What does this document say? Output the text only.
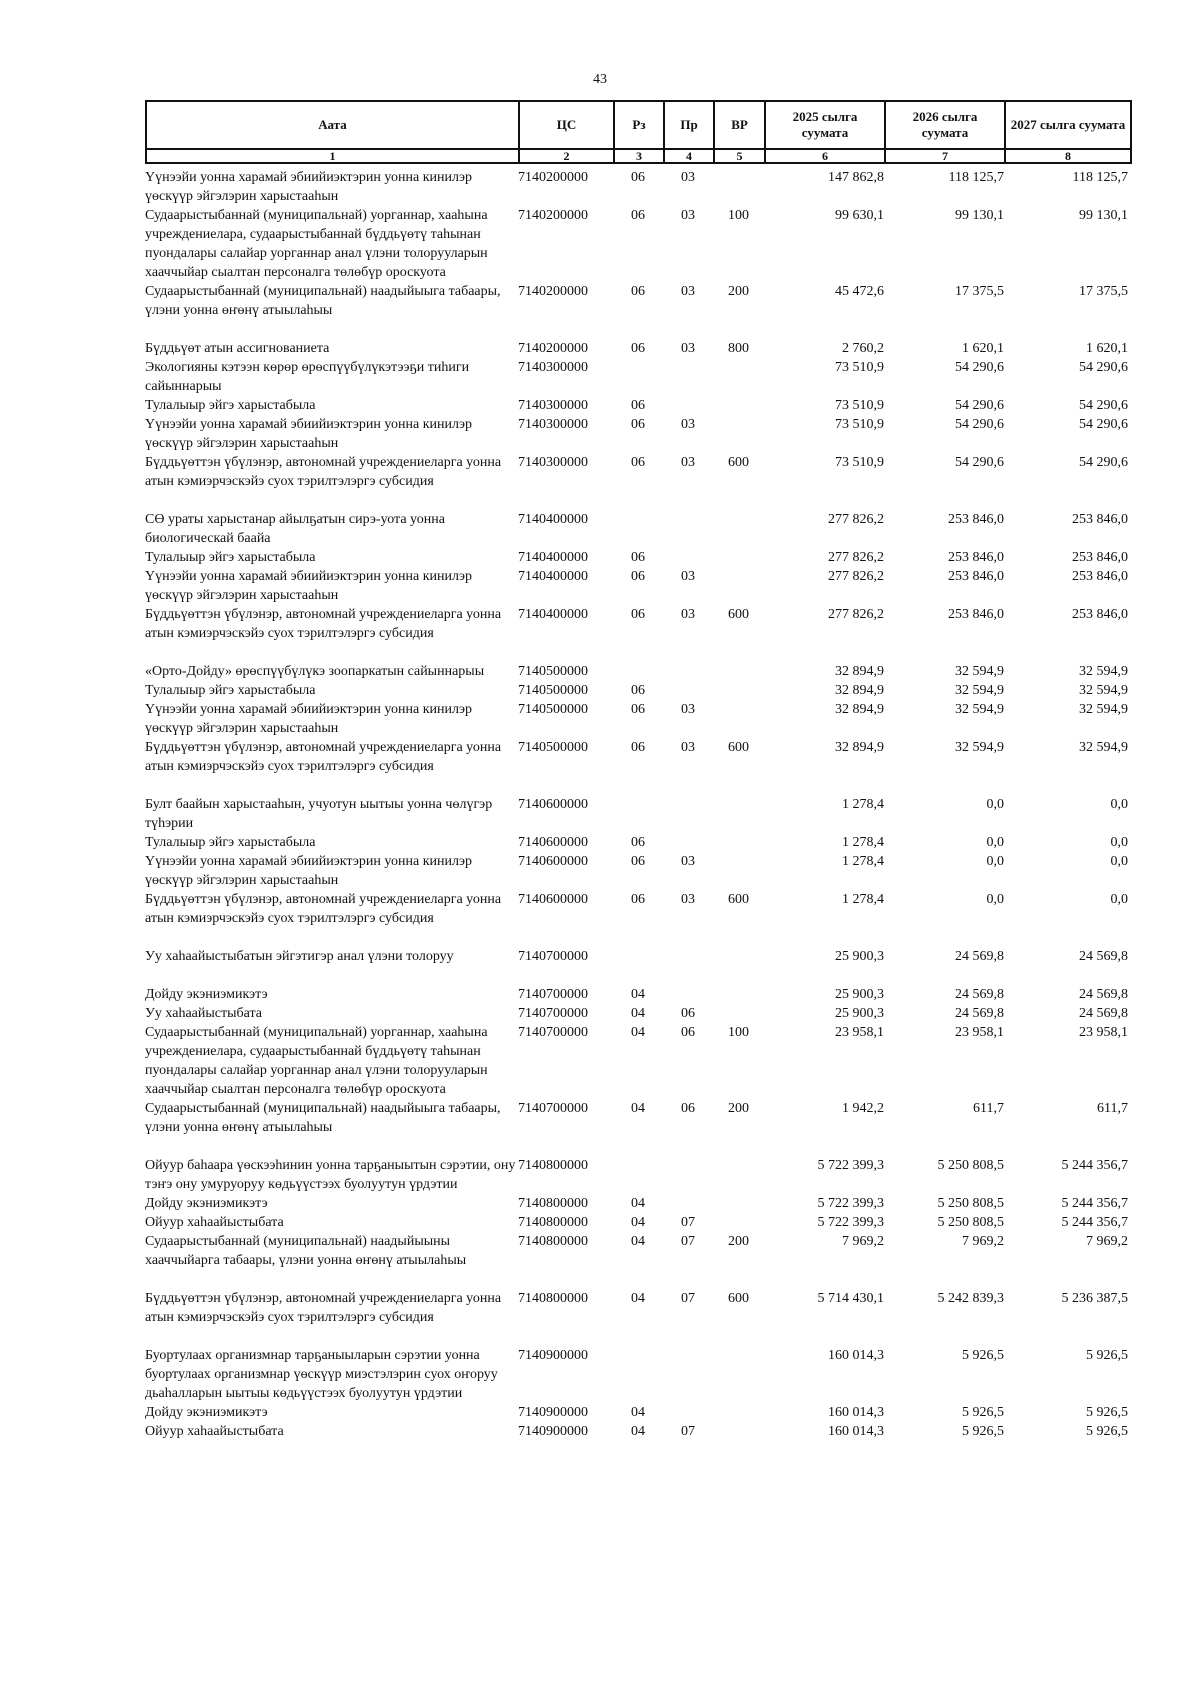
43
Аата	ЦС	Рз	Пр	ВР	2025 сылга суумата	2026 сылга суумата	2027 сылга суумата
1	2	3	4	5	6	7	8
Үүнээйи уонна харамай эбиийиэктэрин уонна кинилэр үөскүүр эйгэлэрин харыстааһын	7140200000	06	03		147 862,8	118 125,7	118 125,7
Судаарыстыбаннай (муниципальнай) уорганнар, хааһына учреждениелара, судаарыстыбаннай бүддьүөтү таһынан пуондалары салайар уорганнар анал үлэни толорууларын хааччыйар сыалтан персоналга төлөбүр ороскуота	7140200000	06	03	100	99 630,1	99 130,1	99 130,1
Судаарыстыбаннай (муниципальнай) наадыйыыга табаары, үлэни уонна өҥөнү атыылаһыы	7140200000	06	03	200	45 472,6	17 375,5	17 375,5
Бүддьүөт атын ассигнованиета	7140200000	06	03	800	2 760,2	1 620,1	1 620,1
Экологияны кэтээн көрөр өрөспүүбүлүкэтээҕи тиһиги сайыннарыы	7140300000				73 510,9	54 290,6	54 290,6
Тулалыыр эйгэ харыстабыла	7140300000	06			73 510,9	54 290,6	54 290,6
Үүнээйи уонна харамай эбиийиэктэрин уонна кинилэр үөскүүр эйгэлэрин харыстааһын	7140300000	06	03		73 510,9	54 290,6	54 290,6
Бүддьүөттэн үбүлэнэр, автономнай учреждениеларга уонна атын кэмиэрчэскэйэ суох тэрилтэлэргэ субсидия	7140300000	06	03	600	73 510,9	54 290,6	54 290,6
СӨ ураты харыстанар айылҕатын сирэ-уота уонна биологическай баайа	7140400000				277 826,2	253 846,0	253 846,0
Тулалыыр эйгэ харыстабыла	7140400000	06			277 826,2	253 846,0	253 846,0
Үүнээйи уонна харамай эбиийиэктэрин уонна кинилэр үөскүүр эйгэлэрин харыстааһын	7140400000	06	03		277 826,2	253 846,0	253 846,0
Бүддьүөттэн үбүлэнэр, автономнай учреждениеларга уонна атын кэмиэрчэскэйэ суох тэрилтэлэргэ субсидия	7140400000	06	03	600	277 826,2	253 846,0	253 846,0
«Орто-Дойду» өрөспүүбүлүкэ зоопаркатын сайыннарыы	7140500000				32 894,9	32 594,9	32 594,9
Тулалыыр эйгэ харыстабыла	7140500000	06			32 894,9	32 594,9	32 594,9
Үүнээйи уонна харамай эбиийиэктэрин уонна кинилэр үөскүүр эйгэлэрин харыстааһын	7140500000	06	03		32 894,9	32 594,9	32 594,9
Бүддьүөттэн үбүлэнэр, автономнай учреждениеларга уонна атын кэмиэрчэскэйэ суох тэрилтэлэргэ субсидия	7140500000	06	03	600	32 894,9	32 594,9	32 594,9
Булт баайын харыстааһын, учуотун ыытыы уонна чөлүгэр түһэрии	7140600000				1 278,4	0,0	0,0
Тулалыыр эйгэ харыстабыла	7140600000	06			1 278,4	0,0	0,0
Үүнээйи уонна харамай эбиийиэктэрин уонна кинилэр үөскүүр эйгэлэрин харыстааһын	7140600000	06	03		1 278,4	0,0	0,0
Бүддьүөттэн үбүлэнэр, автономнай учреждениеларга уонна атын кэмиэрчэскэйэ суох тэрилтэлэргэ субсидия	7140600000	06	03	600	1 278,4	0,0	0,0
Уу хаһаайыстыбатын эйгэтигэр анал үлэни толоруу	7140700000				25 900,3	24 569,8	24 569,8
Дойду экэниэмикэтэ	7140700000	04			25 900,3	24 569,8	24 569,8
Уу хаһаайыстыбата	7140700000	04	06		25 900,3	24 569,8	24 569,8
Судаарыстыбаннай (муниципальнай) уорганнар, хааһына учреждениелара, судаарыстыбаннай бүддьүөтү таһынан пуондалары салайар уорганнар анал үлэни толорууларын хааччыйар сыалтан персоналга төлөбүр ороскуота	7140700000	04	06	100	23 958,1	23 958,1	23 958,1
Судаарыстыбаннай (муниципальнай) наадыйыыга табаары, үлэни уонна өҥөнү атыылаһыы	7140700000	04	06	200	1 942,2	611,7	611,7
Ойуур баһаара үөскээһинин уонна тарҕаныытын сэрэтии, ону тэҥэ ону умуруоруу көдьүүстээх буолуутун үрдэтии	7140800000				5 722 399,3	5 250 808,5	5 244 356,7
Дойду экэниэмикэтэ	7140800000	04			5 722 399,3	5 250 808,5	5 244 356,7
Ойуур хаһаайыстыбата	7140800000	04	07		5 722 399,3	5 250 808,5	5 244 356,7
Судаарыстыбаннай (муниципальнай) наадыйыыны хааччыйарга табаары, үлэни уонна өҥөнү атыылаһыы	7140800000	04	07	200	7 969,2	7 969,2	7 969,2
Бүддьүөттэн үбүлэнэр, автономнай учреждениеларга уонна атын кэмиэрчэскэйэ суох тэрилтэлэргэ субсидия	7140800000	04	07	600	5 714 430,1	5 242 839,3	5 236 387,5
Буортулаах организмнар тарҕаныыларын сэрэтии уонна буортулаах организмнар үөскүүр миэстэлэрин суох оҥоруу дьаһалларын ыытыы көдьүүстээх буолуутун үрдэтии	7140900000				160 014,3	5 926,5	5 926,5
Дойду экэниэмикэтэ	7140900000	04			160 014,3	5 926,5	5 926,5
Ойуур хаһаайыстыбата	7140900000	04	07		160 014,3	5 926,5	5 926,5
